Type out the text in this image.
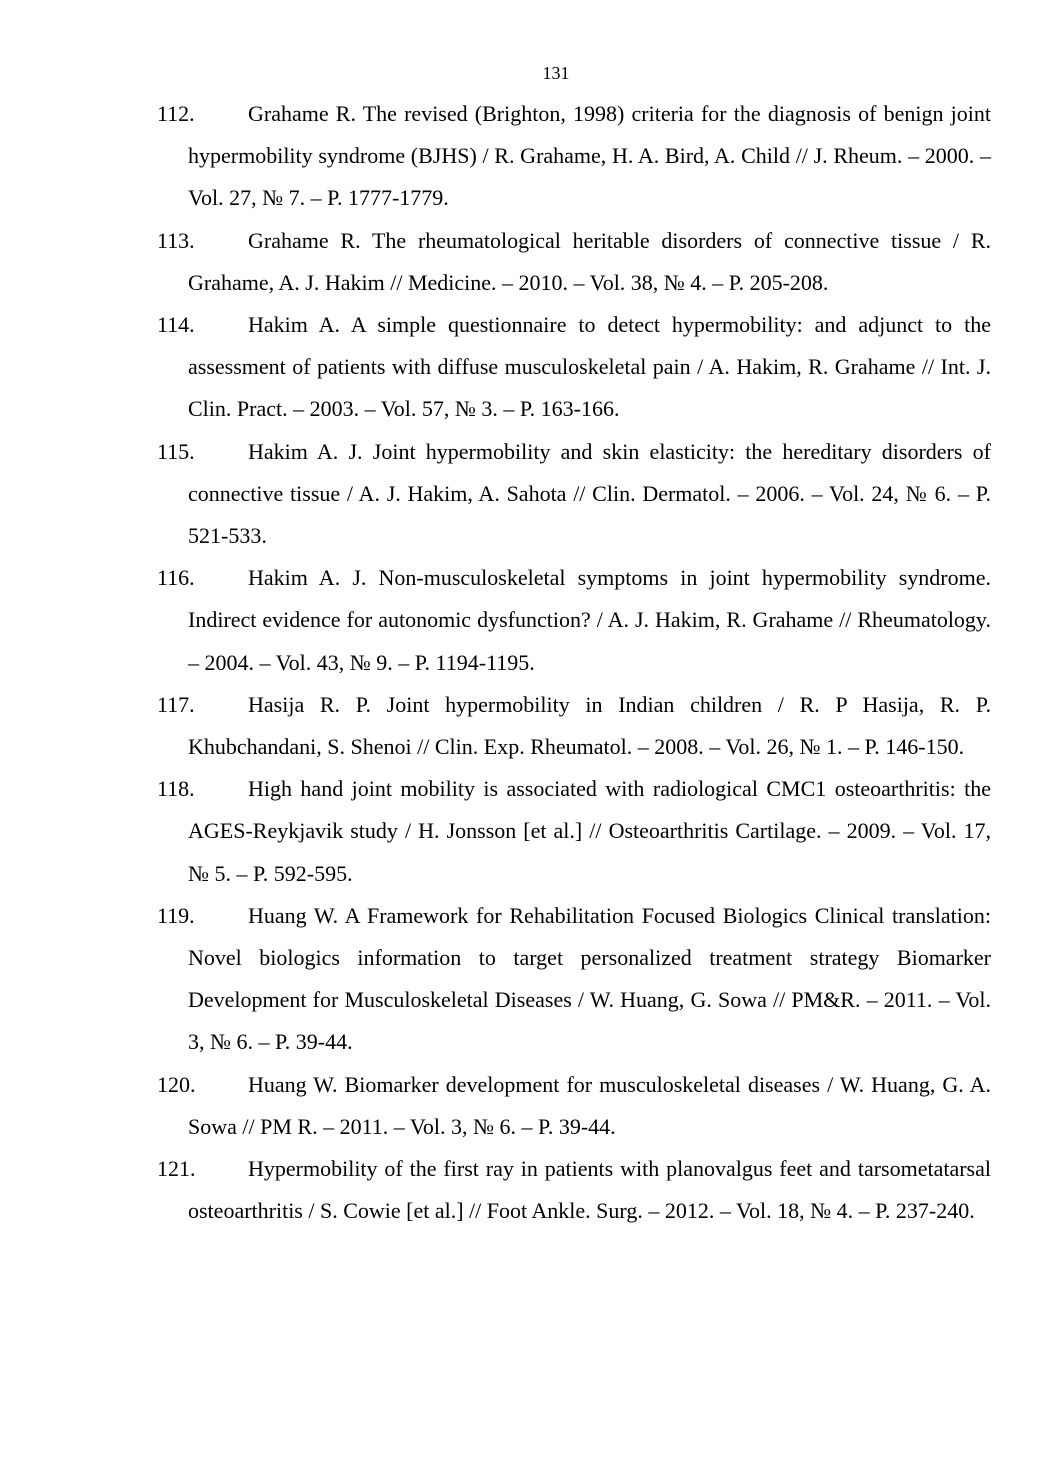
131
112. Grahame R. The revised (Brighton, 1998) criteria for the diagnosis of benign joint hypermobility syndrome (BJHS) / R. Grahame, H. A. Bird, A. Child // J. Rheum. – 2000. – Vol. 27, № 7. – P. 1777-1779.
113. Grahame R. The rheumatological heritable disorders of connective tissue / R. Grahame, A. J. Hakim // Medicine. – 2010. – Vol. 38, № 4. – P. 205-208.
114. Hakim A. A simple questionnaire to detect hypermobility: and adjunct to the assessment of patients with diffuse musculoskeletal pain / A. Hakim, R. Grahame // Int. J. Clin. Pract. – 2003. – Vol. 57, № 3. – P. 163-166.
115. Hakim A. J. Joint hypermobility and skin elasticity: the hereditary disorders of connective tissue / A. J. Hakim, A. Sahota // Clin. Dermatol. – 2006. – Vol. 24, № 6. – P. 521-533.
116. Hakim A. J. Non-musculoskeletal symptoms in joint hypermobility syndrome. Indirect evidence for autonomic dysfunction? / A. J. Hakim, R. Grahame // Rheumatology. – 2004. – Vol. 43, № 9. – P. 1194-1195.
117. Hasija R. P. Joint hypermobility in Indian children / R. P Hasija, R. P. Khubchandani, S. Shenoi // Clin. Exp. Rheumatol. – 2008. – Vol. 26, № 1. – P. 146-150.
118. High hand joint mobility is associated with radiological CMC1 osteoarthritis: the AGES-Reykjavik study / H. Jonsson [et al.] // Osteoarthritis Cartilage. – 2009. – Vol. 17, № 5. – P. 592-595.
119. Huang W. A Framework for Rehabilitation Focused Biologics Clinical translation: Novel biologics information to target personalized treatment strategy Biomarker Development for Musculoskeletal Diseases / W. Huang, G. Sowa // PM&R. – 2011. – Vol. 3, № 6. – P. 39-44.
120. Huang W. Biomarker development for musculoskeletal diseases / W. Huang, G. A. Sowa // PM R. – 2011. – Vol. 3, № 6. – P. 39-44.
121. Hypermobility of the first ray in patients with planovalgus feet and tarsometatarsal osteoarthritis / S. Cowie [et al.] // Foot Ankle. Surg. – 2012. – Vol. 18, № 4. – P. 237-240.
